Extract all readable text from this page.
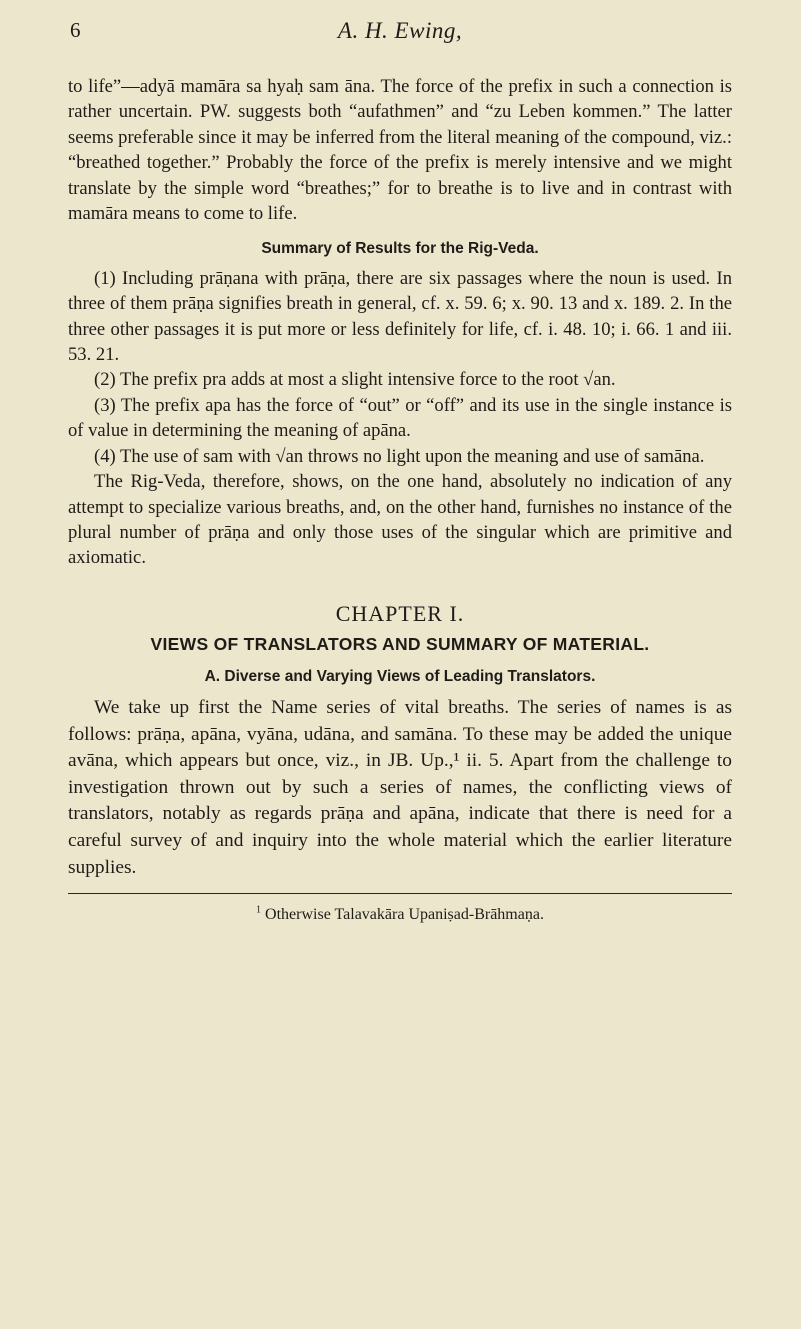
6	A. H. Ewing,

to life”—adyā mamāra sa hyaḥ sam āna. The force of the prefix in such a connection is rather uncertain. PW. suggests both “aufathmen” and “zu Leben kommen.” The latter seems preferable since it may be inferred from the literal meaning of the compound, viz.: “breathed together.” Probably the force of the prefix is merely intensive and we might translate by the simple word “breathes;” for to breathe is to live and in contrast with mamāra means to come to life.

Summary of Results for the Rig-Veda.

(1) Including prāṇana with prāṇa, there are six passages where the noun is used. In three of them prāṇa signifies breath in general, cf. x. 59. 6; x. 90. 13 and x. 189. 2. In the three other passages it is put more or less definitely for life, cf. i. 48. 10; i. 66. 1 and iii. 53. 21.

(2) The prefix pra adds at most a slight intensive force to the root √an.

(3) The prefix apa has the force of “out” or “off” and its use in the single instance is of value in determining the meaning of apāna.

(4) The use of sam with √an throws no light upon the meaning and use of samāna.

The Rig-Veda, therefore, shows, on the one hand, absolutely no indication of any attempt to specialize various breaths, and, on the other hand, furnishes no instance of the plural number of prāṇa and only those uses of the singular which are primitive and axiomatic.

CHAPTER I.
VIEWS OF TRANSLATORS AND SUMMARY OF MATERIAL.
A. Diverse and Varying Views of Leading Translators.

We take up first the Name series of vital breaths. The series of names is as follows: prāṇa, apāna, vyāna, udāna, and samāna. To these may be added the unique avāna, which appears but once, viz., in JB. Up.,¹ ii. 5. Apart from the challenge to investigation thrown out by such a series of names, the conflicting views of translators, notably as regards prāṇa and apāna, indicate that there is need for a careful survey of and inquiry into the whole material which the earlier literature supplies.

$^1$ Otherwise Talavakāra Upaniṣad-Brāhmaṇa.
